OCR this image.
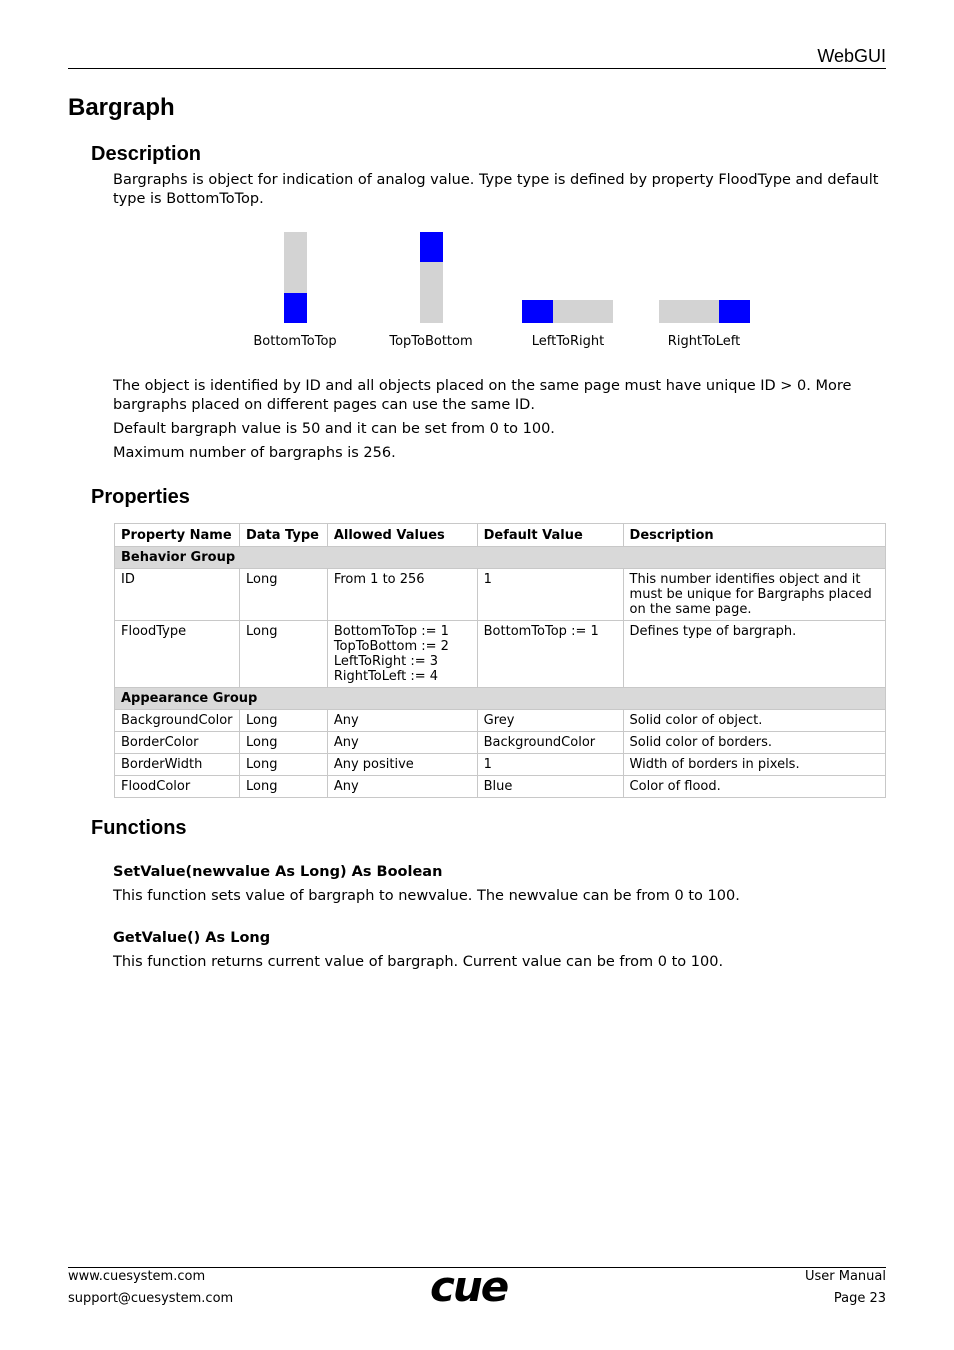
WebGUI
Bargraph
Description

Bargraphs is object for indication of analog value. Type type is defined by property FloodType and default type is BottomToTop.

BottomToTop	TopToBottom	LeftToRight	RightToLeft

The object is identified by ID and all objects placed on the same page must have unique ID > 0. More bargraphs placed on different pages can use the same ID.

Default bargraph value is 50 and it can be set from 0 to 100.

Maximum number of bargraphs is 256.

Properties
Property Name	Data Type	Allowed Values	Default Value	Description
Behavior Group				
ID	Long	From 1 to 256	1	This number identifies object and it must be unique for Bargraphs placed on the same page.
FloodType	Long	BottomToTop := 1
TopToBottom := 2
LeftToRight := 3
RightToLeft := 4	BottomToTop := 1	Defines type of bargraph.
Appearance Group				
BackgroundColor	Long	Any	Grey	Solid color of object.
BorderColor	Long	Any	BackgroundColor	Solid color of borders.
BorderWidth	Long	Any positive	1	Width of borders in pixels.
FloodColor	Long	Any	Blue	Color of flood.
Functions
SetValue(newvalue As Long) As Boolean

This function sets value of bargraph to newvalue. The newvalue can be from 0 to 100.

GetValue() As Long

This function returns current value of bargraph. Current value can be from 0 to 100.

www.cuesystem.com
support@cuesystem.com	cue	User Manual
Page 23
